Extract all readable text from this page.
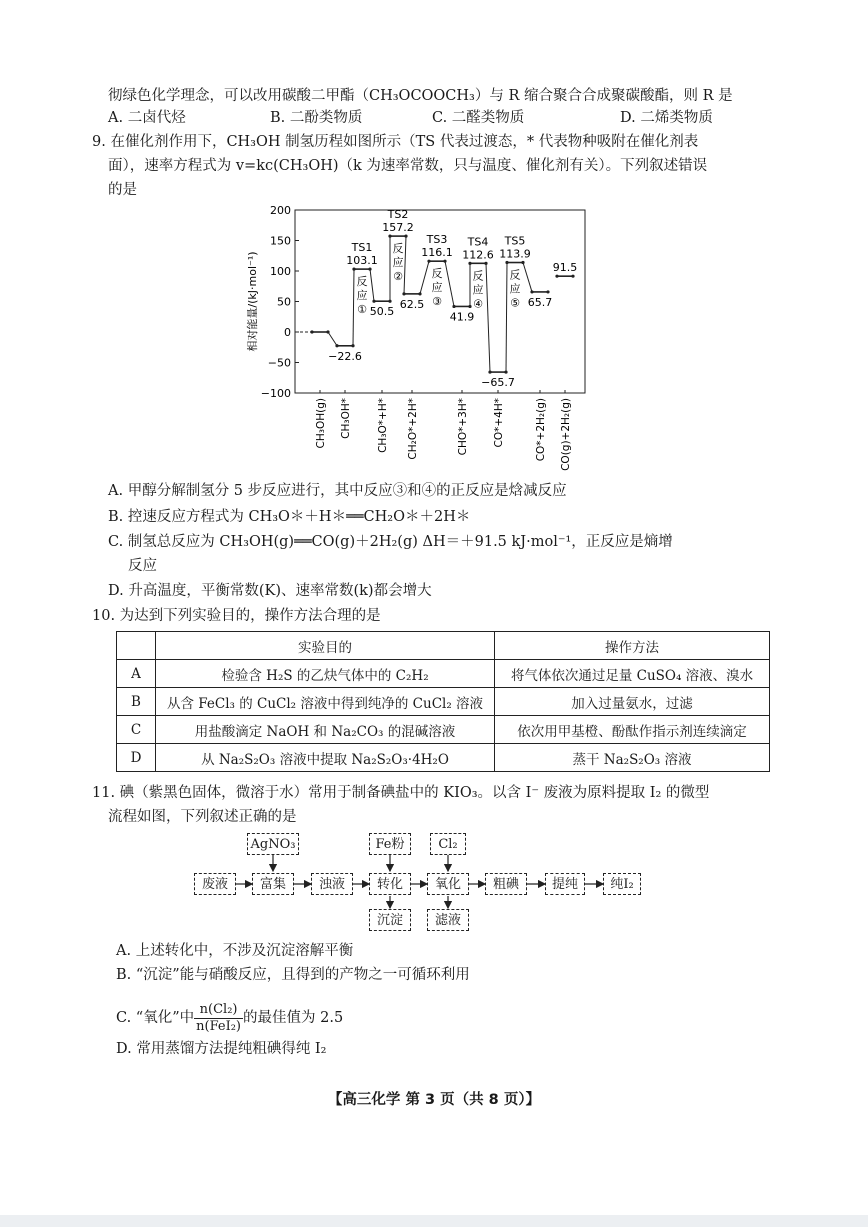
彻绿色化学理念，可以改用碳酸二甲酯（CH₃OCOOCH₃）与 R 缩合聚合合成聚碳酸酯，则 R 是
A. 二卤代烃	B. 二酚类物质	C. 二醛类物质	D. 二烯类物质
9. 在催化剂作用下，CH₃OH 制氢历程如图所示（TS 代表过渡态，* 代表物种吸附在催化剂表
面），速率方程式为 v=kc(CH₃OH)（k 为速率常数，只与温度、催化剂有关）。下列叙述错误
的是
200
150
100
50
0
−50
−100
相对能量/(kJ·mol⁻¹)
TS1
103.1
反
应
①
TS2
157.2
反
应
②
TS3
116.1
反
应
③
TS4
112.6
反
应
④
TS5
113.9
反
应
⑤
−22.6
50.5
62.5
41.9
−65.7
65.7
91.5
CH₃OH(g) CH₃OH* CH₃O*+H* CH₂O*+2H*	CHO*+3H* CO*+4H*	CO*+2H₂(g) CO(g)+2H₂(g)
A. 甲醇分解制氢分 5 步反应进行，其中反应③和④的正反应是焓减反应
B. 控速反应方程式为 CH₃O＊＋H＊══CH₂O＊＋2H＊
C. 制氢总反应为 CH₃OH(g)══CO(g)＋2H₂(g) ΔH＝＋91.5 kJ·mol⁻¹，正反应是熵增
反应
D. 升高温度，平衡常数(K)、速率常数(k)都会增大
10. 为达到下列实验目的，操作方法合理的是
	实验目的	操作方法
A	检验含 H₂S 的乙炔气体中的 C₂H₂	将气体依次通过足量 CuSO₄ 溶液、溴水
B	从含 FeCl₃ 的 CuCl₂ 溶液中得到纯净的 CuCl₂ 溶液	加入过量氨水，过滤
C	用盐酸滴定 NaOH 和 Na₂CO₃ 的混碱溶液	依次用甲基橙、酚酞作指示剂连续滴定
D	从 Na₂S₂O₃ 溶液中提取 Na₂S₂O₃·4H₂O	蒸干 Na₂S₂O₃ 溶液
11. 碘（紫黑色固体，微溶于水）常用于制备碘盐中的 KIO₃。以含 I⁻ 废液为原料提取 I₂ 的微型
流程如图，下列叙述正确的是
AgNO₃	Fe粉	Cl₂
废液	富集	浊液	转化	氧化	粗碘	提纯	纯I₂
沉淀	滤液
A. 上述转化中，不涉及沉淀溶解平衡
B. “沉淀”能与硝酸反应，且得到的产物之一可循环利用
C. “氧化”中 $\frac{\text{n(Cl₂)}}{\text{n(FeI₂)}}$ 的最佳值为 2.5
D. 常用蒸馏方法提纯粗碘得纯 I₂
【高三化学 第 3 页（共 8 页）】
